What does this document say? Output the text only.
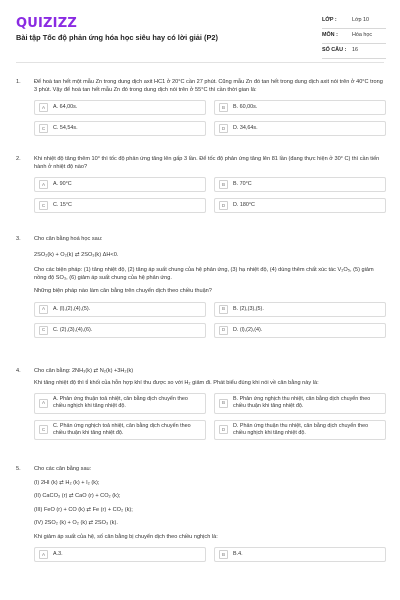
QUIZIZZ
Bài tập Tốc độ phản ứng hóa học siêu hay có lời giải (P2)
LỚP :	Lớp 10
MÔN :	Hóa học
SỐ CÂU :	16
1.	Để hoà tan hết một mẫu Zn trong dung dịch axit HC1 ở 20°C cần 27 phút. Cũng mẫu Zn đó tan hết trong dung dịch axit nói trên ở 40°C trong 3 phút. Vậy để hoà tan hết mẫu Zn đó trong dung dịch nói trên ở 55°C thì cần thời gian là:
A	A. 64,00s.	B	B. 60,00s.
C	C. 54,54s.	D	D. 34,64s.
2.	Khi nhiệt độ tăng thêm 10° thì tốc độ phản ứng tăng lên gấp 3 lần. Để tốc độ phản ứng tăng lên 81 lần (đang thực hiện ở 30° C) thì cần tiến hành ở nhiệt độ nào?
A	A. 90°C	B	B. 70°C
C	C. 15°C	D	D. 180°C
3.	Cho cân bằng hoá học sau:
2SO₂(k) + O₂(k) ⇄ 2SO₃(k) ΔH<0.
Cho các biện pháp: (1) tăng nhiệt độ, (2) tăng áp suất chung của hệ phản ứng, (3) hạ nhiệt độ, (4) dùng thêm chất xúc tác V₂O₅, (5) giảm nồng độ SO₃, (6) giảm áp suất chung của hệ phản ứng.
Những biện pháp nào làm cân bằng trên chuyển dịch theo chiều thuận?
A	A. (l),(2),(4),(5).	B	B. (2),(3),(5).
C	C. (2),(3),(4),(6).	D	D. (l),(2),(4).
4.	Cho cân bằng: 2NH₃(k) ⇄ N₂(k) +3H₂(k)
Khi tăng nhiệt độ thì tỉ khối của hỗn hợp khí thu được so với H₂ giảm đi. Phát biểu đúng khi nói về cân bằng này là:
A
A. Phản ứng thuận toả nhiệt, cân bằng dịch chuyển theo chiều nghịch khi tăng nhiệt độ.
B
B. Phản ứng nghịch thu nhiệt, cân bằng dịch chuyển theo chiều thuận khi tăng nhiệt độ.
C
C. Phản ứng nghịch toả nhiệt, cân bằng dịch chuyển theo chiều thuận khi tăng nhiệt độ.
D
D. Phản ứng thuận thu nhiệt, cân bằng dịch chuyển theo chiều nghịch khi tăng nhiệt độ.
5.	Cho các cân bằng sau:
(I) 2HI (k) ⇄ H₂ (k) + I₂ (k);
(II) CaCO₃ (r) ⇄ CaO (r) + CO₂ (k);
(III) FeO (r) + CO (k) ⇄ Fe (r) + CO₂ (k);
(IV) 2SO₂ (k) + O₂ (k) ⇄ 2SO₃ (k).
Khi giảm áp suất của hệ, số cân bằng bị chuyển dịch theo chiều nghịch là:
A	A.3.	B	B.4.
